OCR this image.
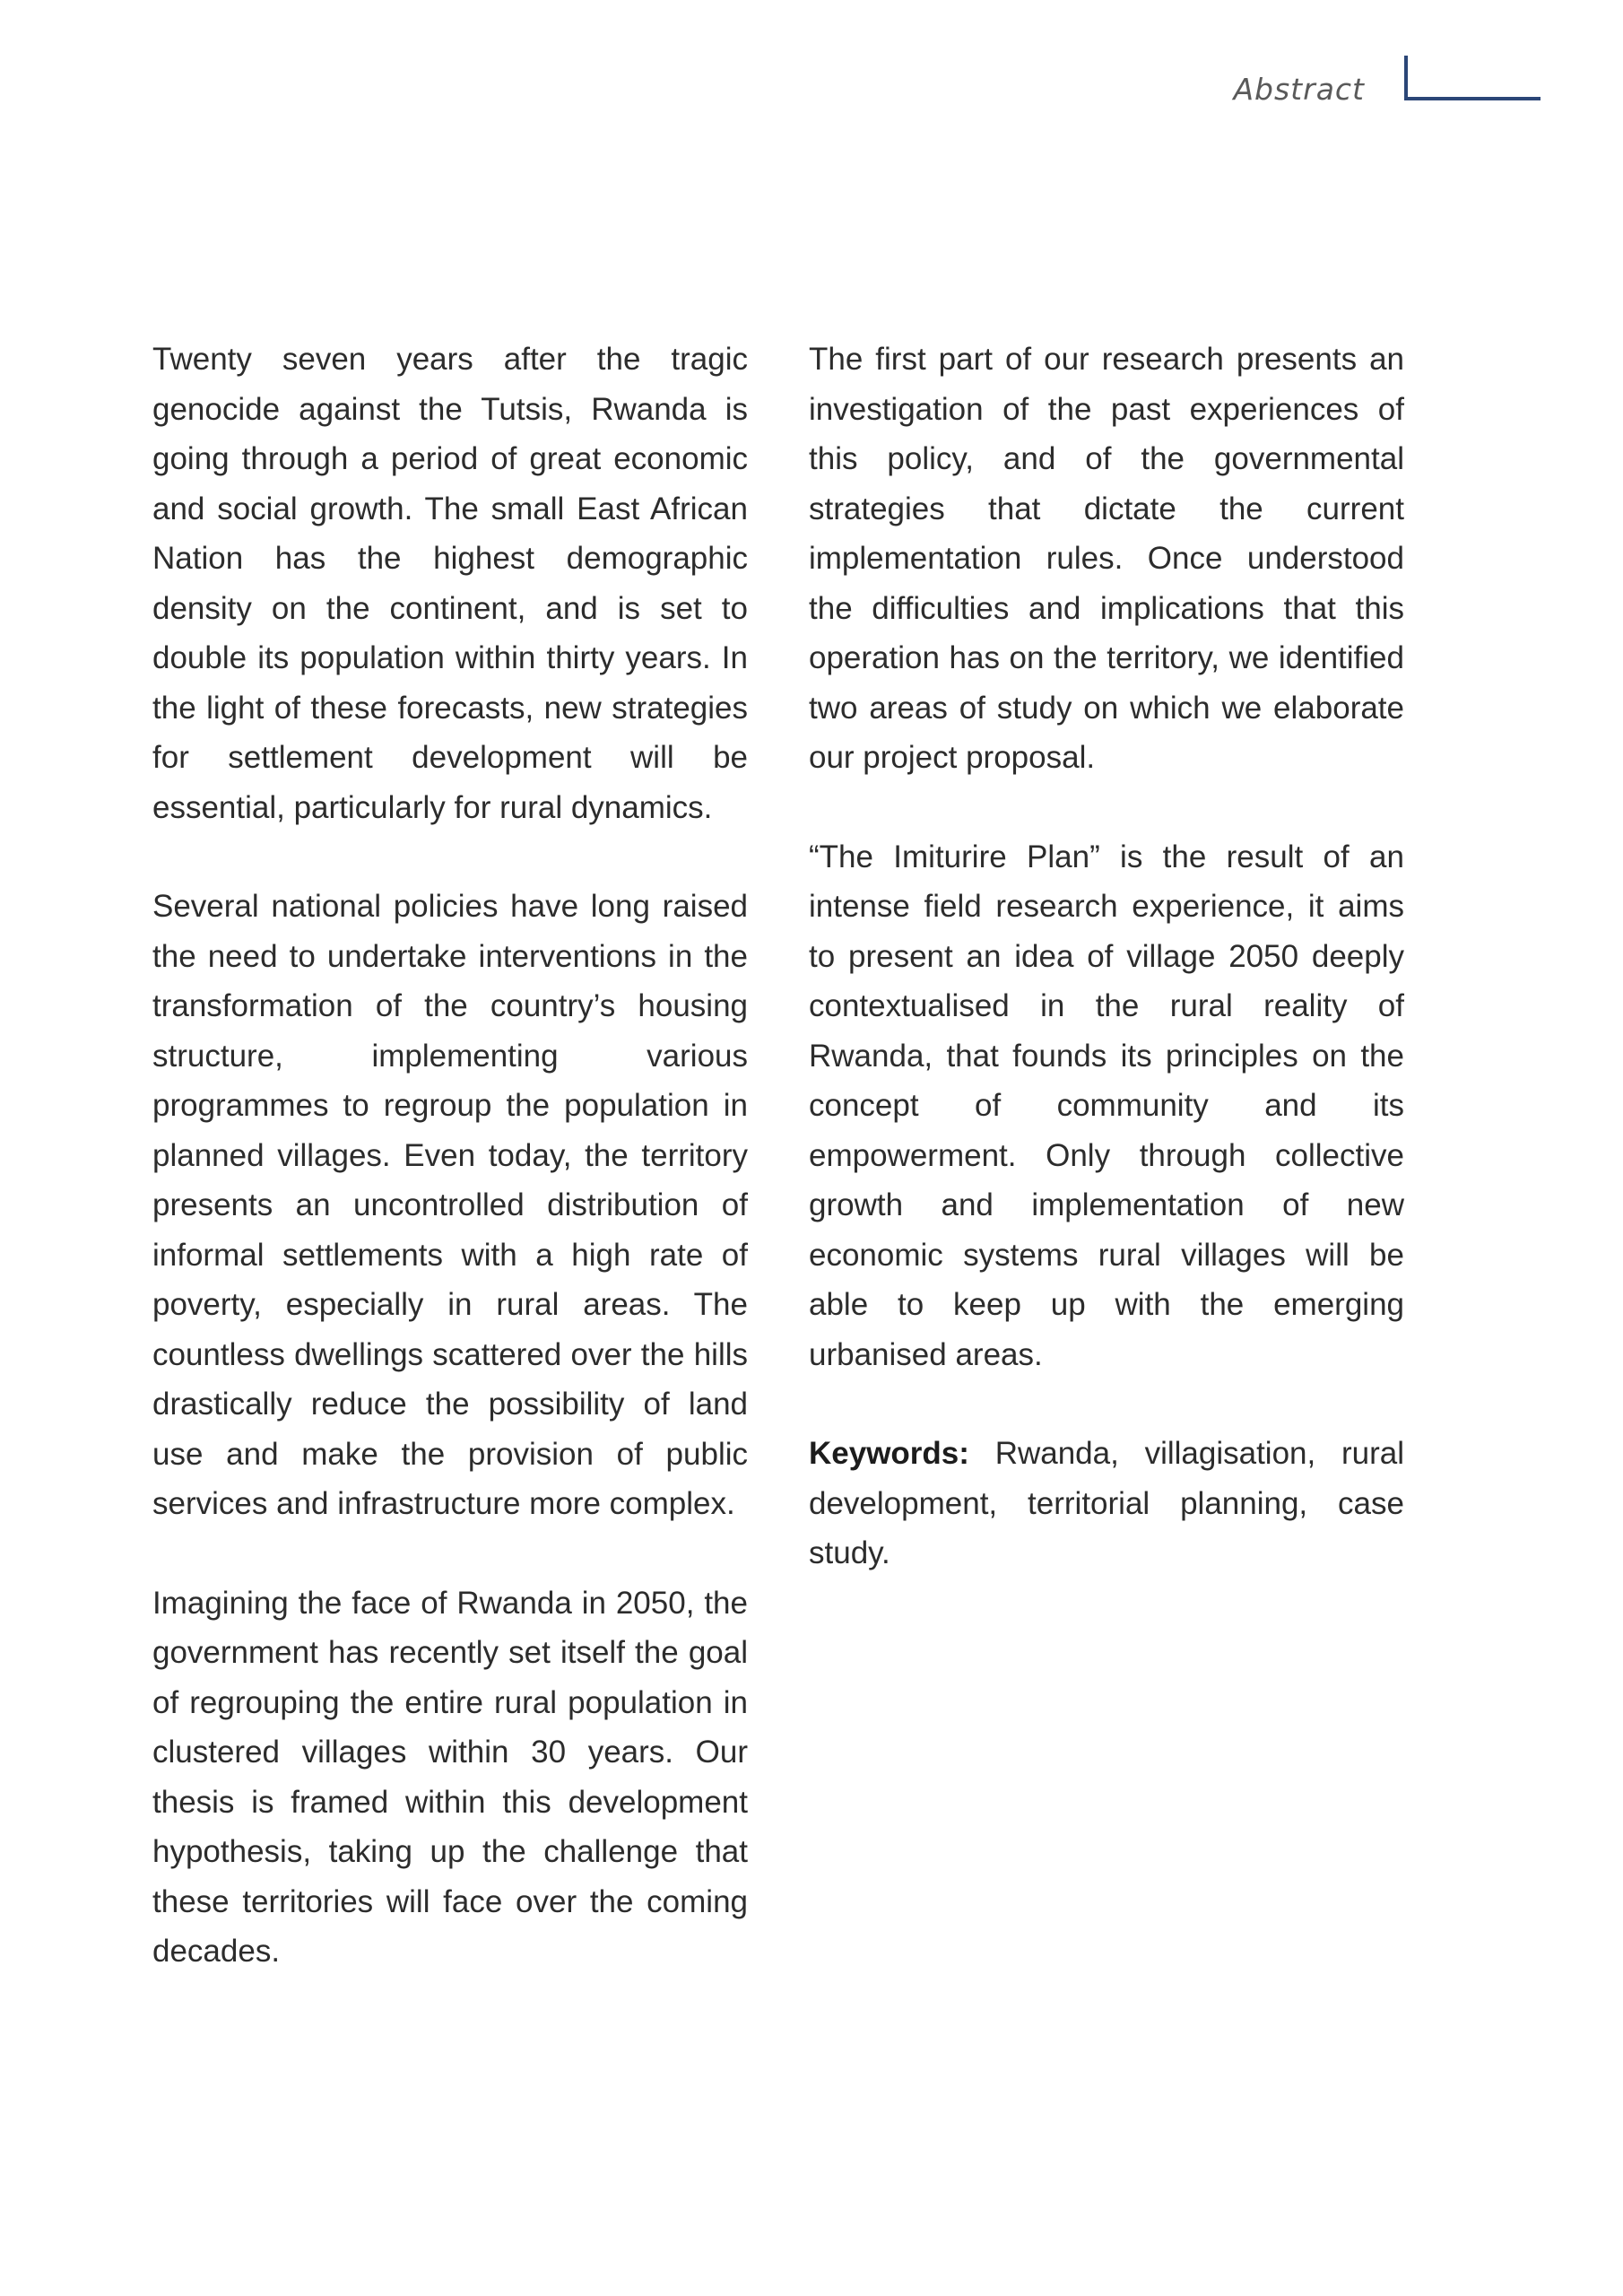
Abstract

Twenty seven years after the tragic genocide against the Tutsis, Rwanda is going through a period of great economic and social growth. The small East African Nation has the highest demographic density on the continent, and is set to double its population within thirty years. In the light of these forecasts, new strategies for settlement development will be essential, particularly for rural dynamics.

Several national policies have long raised the need to undertake interventions in the transformation of the country’s housing structure, implementing various programmes to regroup the population in planned villages. Even today, the territory presents an uncontrolled distribution of informal settlements with a high rate of poverty, especially in rural areas. The countless dwellings scattered over the hills drastically reduce the possibility of land use and make the provision of public services and infrastructure more complex.

Imagining the face of Rwanda in 2050, the government has recently set itself the goal of regrouping the entire rural population in clustered villages within 30 years. Our thesis is framed within this development hypothesis, taking up the challenge that these territories will face over the coming decades.

The first part of our research presents an investigation of the past experiences of this policy, and of the governmental strategies that dictate the current implementation rules. Once understood the difficulties and implications that this operation has on the territory, we identified two areas of study on which we elaborate our project proposal.

“The Imiturire Plan” is the result of an intense field research experience, it aims to present an idea of village 2050 deeply contextualised in the rural reality of Rwanda, that founds its principles on the concept of community and its empowerment. Only through collective growth and implementation of new economic systems rural villages will be able to keep up with the emerging urbanised areas.

Keywords: Rwanda, villagisation, rural development, territorial planning, case study.
